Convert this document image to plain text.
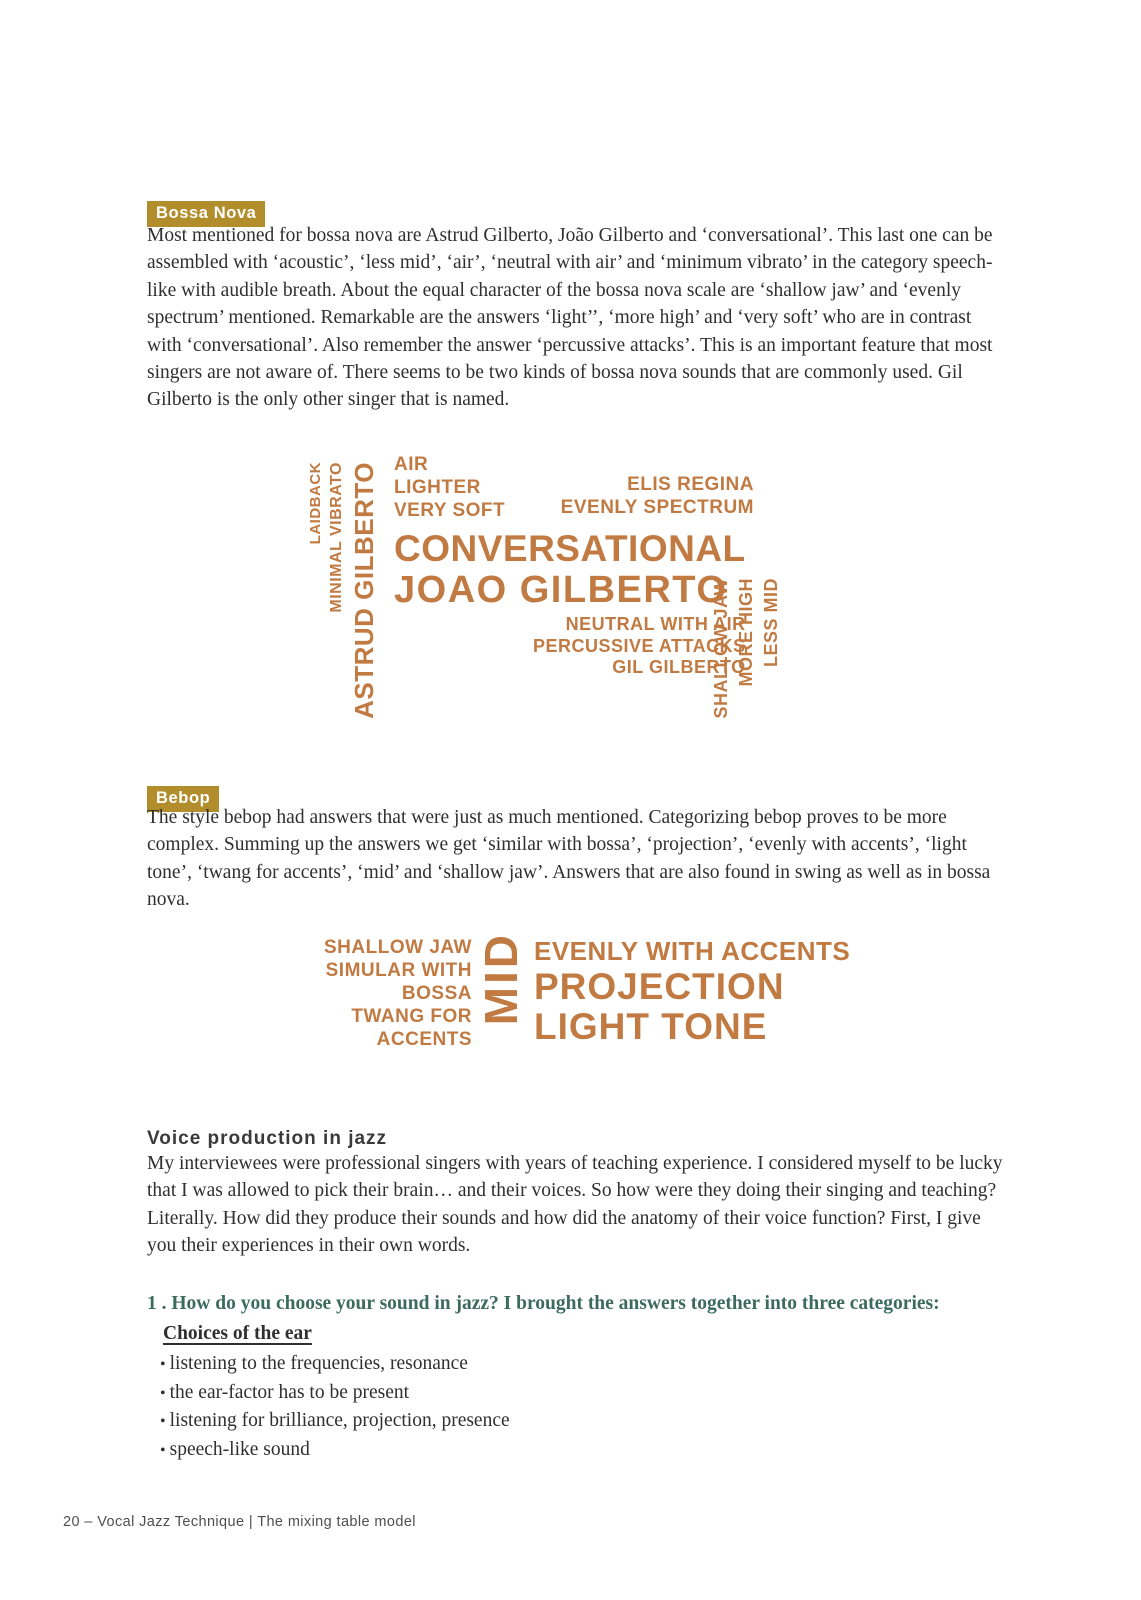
Bossa Nova

Most mentioned for bossa nova are Astrud Gilberto, João Gilberto and ‘conversational’. This last one can be assembled with ‘acoustic’, ‘less mid’, ‘air’, ‘neutral with air’ and ‘minimum vibrato’ in the category speech-like with audible breath. About the equal character of the bossa nova scale are ‘shallow jaw’ and ‘evenly spectrum’ mentioned. Remarkable are the answers ‘light’’, ‘more high’ and ‘very soft’ who are in contrast with ‘conversational’. Also remember the answer ‘percussive attacks’. This is an important feature that most singers are not aware of. There seems to be two kinds of bossa nova sounds that are commonly used. Gil Gilberto is the only other singer that is named.

LAIDBACK MINIMAL VIBRATO ASTRUD GILBERTO AIR
LIGHTER
VERY SOFT
CONVERSATIONAL
JOAO GILBERTO
NEUTRAL WITH AIR
PERCUSSIVE ATTACKS
GIL GILBERTO
ELIS REGINA
EVENLY SPECTRUM
SHALLOW JAW MORE HIGH LESS MID
Bebop

The style bebop had answers that were just as much mentioned. Categorizing bebop proves to be more complex. Summing up the answers we get ‘similar with bossa’, ‘projection’, ‘evenly with accents’, ‘light tone’, ‘twang for accents’, ‘mid’ and ‘shallow jaw’. Answers that are also found in swing as well as in bossa nova.

SHALLOW JAW
SIMULAR WITH BOSSA
TWANG FOR ACCENTS
MID EVENLY WITH ACCENTS
PROJECTION
LIGHT TONE
Voice production in jazz

My interviewees were professional singers with years of teaching experience. I considered myself to be lucky that I was allowed to pick their brain… and their voices. So how were they doing their singing and teaching? Literally. How did they produce their sounds and how did the anatomy of their voice function? First, I give you their experiences in their own words.

1 . How do you choose your sound in jazz? I brought the answers together into three categories:
Choices of the ear
• listening to the frequencies, resonance
• the ear-factor has to be present
• listening for brilliance, projection, presence
• speech-like sound
20 – Vocal Jazz Technique | The mixing table model
